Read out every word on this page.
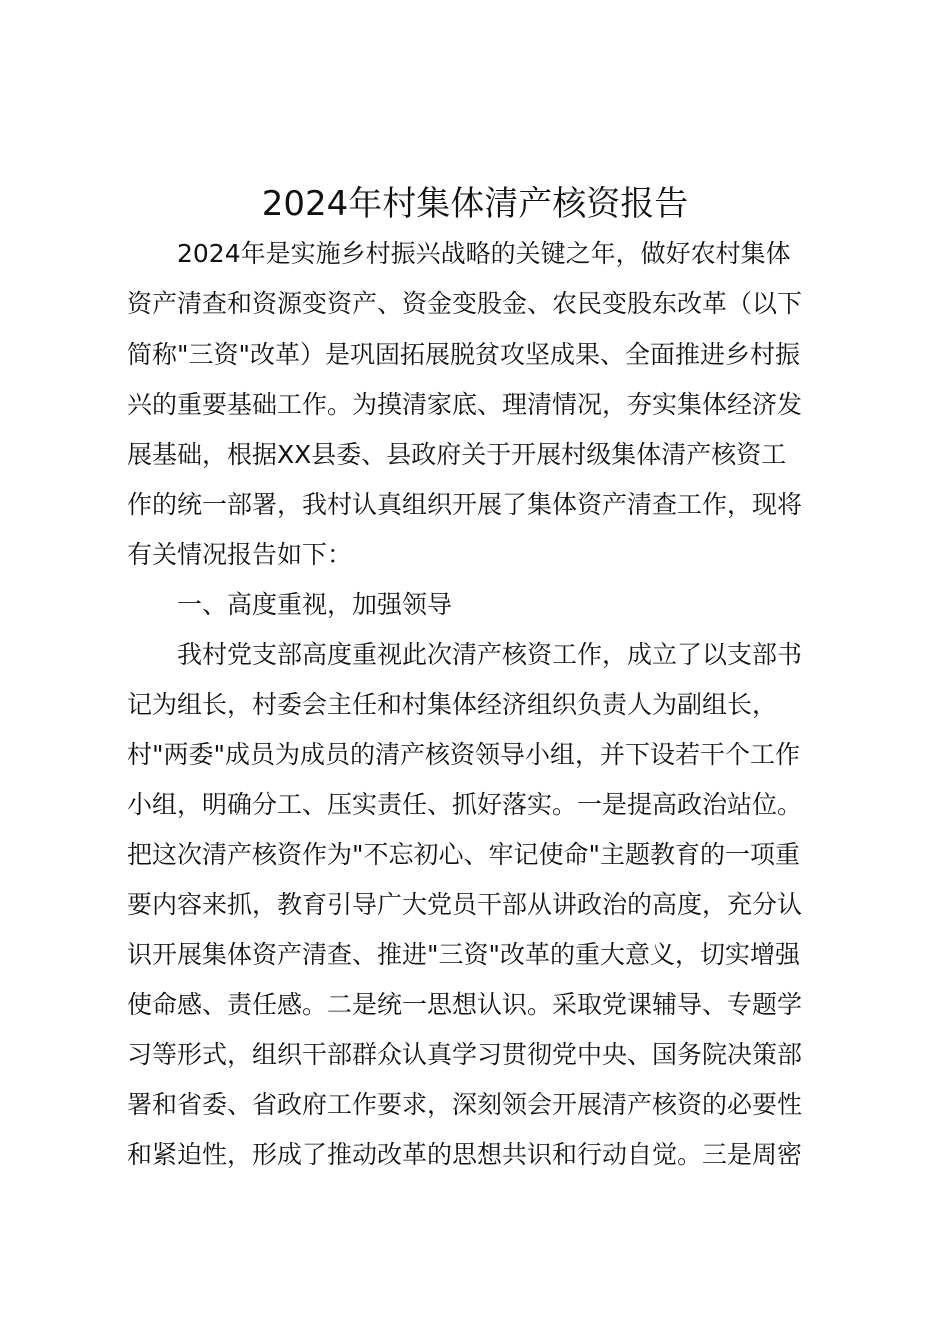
2024年村集体清产核资报告
2024年是实施乡村振兴战略的关键之年，做好农村集体
资产清查和资源变资产、资金变股金、农民变股东改革（以下
简称"三资"改革）是巩固拓展脱贫攻坚成果、全面推进乡村振
兴的重要基础工作。为摸清家底、理清情况，夯实集体经济发
展基础，根据XX县委、县政府关于开展村级集体清产核资工
作的统一部署，我村认真组织开展了集体资产清查工作，现将
有关情况报告如下：
一、高度重视，加强领导
我村党支部高度重视此次清产核资工作，成立了以支部书
记为组长，村委会主任和村集体经济组织负责人为副组长，
村"两委"成员为成员的清产核资领导小组，并下设若干个工作
小组，明确分工、压实责任、抓好落实。一是提高政治站位。
把这次清产核资作为"不忘初心、牢记使命"主题教育的一项重
要内容来抓，教育引导广大党员干部从讲政治的高度，充分认
识开展集体资产清查、推进"三资"改革的重大意义，切实增强
使命感、责任感。二是统一思想认识。采取党课辅导、专题学
习等形式，组织干部群众认真学习贯彻党中央、国务院决策部
署和省委、省政府工作要求，深刻领会开展清产核资的必要性
和紧迫性，形成了推动改革的思想共识和行动自觉。三是周密
